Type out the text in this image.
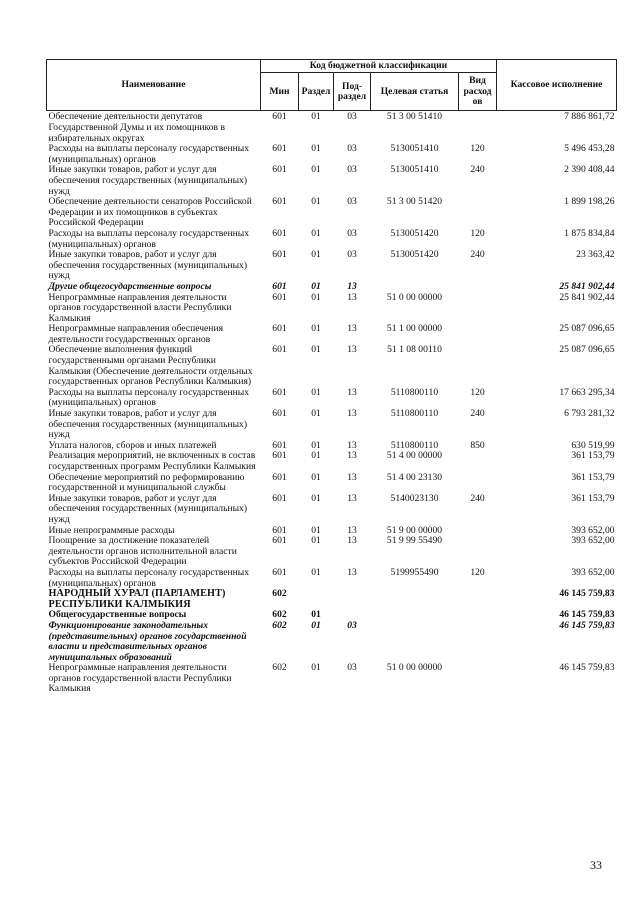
Наименование	Код бюджетной классификации					Кассовое исполнение
	Мин	Раздел	Под-раздел	Целевая статья	Вид расход ов	
Обеспечение деятельности депутатов Государственной Думы и их помощников в избирательных округах	601	01	03	51 3 00 51410		7 886 861,72
Расходы на выплаты персоналу государственных (муниципальных) органов	601	01	03	5130051410	120	5 496 453,28
Иные закупки товаров, работ и услуг для обеспечения государственных (муниципальных) нужд	601	01	03	5130051410	240	2 390 408,44
Обеспечение деятельности сенаторов Российской Федерации и их помощников в субъектах Российской Федерации	601	01	03	51 3 00 51420		1 899 198,26
Расходы на выплаты персоналу государственных (муниципальных) органов	601	01	03	5130051420	120	1 875 834,84
Иные закупки товаров, работ и услуг для обеспечения государственных (муниципальных) нужд	601	01	03	5130051420	240	23 363,42
Другие общегосударственные вопросы	601	01	13			25 841 902,44
Непрограммные направления деятельности органов государственной власти Республики Калмыкия	601	01	13	51 0 00 00000		25 841 902,44
Непрограммные направления обеспечения деятельности государственных органов	601	01	13	51 1 00 00000		25 087 096,65
Обеспечение выполнения функций государственными органами Республики Калмыкия (Обеспечение деятельности отдельных государственных органов Республики Калмыкия)	601	01	13	51 1 08 00110		25 087 096,65
Расходы на выплаты персоналу государственных (муниципальных) органов	601	01	13	5110800110	120	17 663 295,34
Иные закупки товаров, работ и услуг для обеспечения государственных (муниципальных) нужд	601	01	13	5110800110	240	6 793 281,32
Уплата налогов, сборов и иных платежей	601	01	13	5110800110	850	630 519,99
Реализация мероприятий, не включенных в состав государственных программ Республики Калмыкия	601	01	13	51 4 00 00000		361 153,79
Обеспечение мероприятий по реформированию государственной и муниципальной службы	601	01	13	51 4 00 23130		361 153,79
Иные закупки товаров, работ и услуг для обеспечения государственных (муниципальных) нужд	601	01	13	5140023130	240	361 153,79
Иные непрограммные расходы	601	01	13	51 9 00 00000		393 652,00
Поощрение за достижение показателей деятельности органов исполнительной власти субъектов Российской Федерации	601	01	13	51 9 99 55490		393 652,00
Расходы на выплаты персоналу государственных (муниципальных) органов	601	01	13	5199955490	120	393 652,00
НАРОДНЫЙ ХУРАЛ (ПАРЛАМЕНТ) РЕСПУБЛИКИ КАЛМЫКИЯ	602					46 145 759,83
Общегосударственные вопросы	602	01				46 145 759,83
Функционирование законодательных (представительных) органов государственной власти и представительных органов муниципальных образований	602	01	03			46 145 759,83
Непрограммные направления деятельности органов государственной власти Республики Калмыкия	602	01	03	51 0 00 00000		46 145 759,83
33
